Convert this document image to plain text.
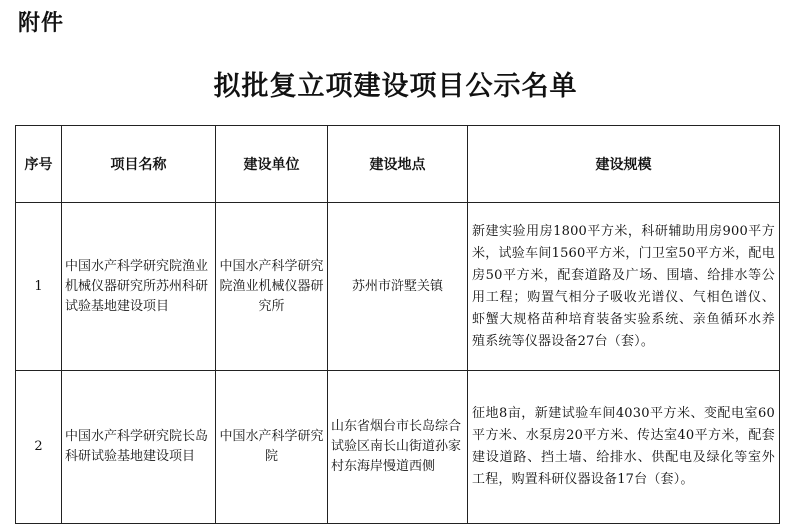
附件
拟批复立项建设项目公示名单
序号	项目名称	建设单位	建设地点	建设规模
1	中国水产科学研究院渔业机械仪器研究所苏州科研试验基地建设项目	中国水产科学研究院渔业机械仪器研究所	苏州市浒墅关镇	新建实验用房1800平方米，科研辅助用房900平方米，试验车间1560平方米，门卫室50平方米，配电房50平方米，配套道路及广场、围墙、给排水等公用工程；购置气相分子吸收光谱仪、气相色谱仪、虾蟹大规格苗种培育装备实验系统、亲鱼循环水养殖系统等仪器设备27台（套）。
2	中国水产科学研究院长岛科研试验基地建设项目	中国水产科学研究院	山东省烟台市长岛综合试验区南长山街道孙家村东海岸慢道西侧	征地8亩，新建试验车间4030平方米、变配电室60平方米、水泵房20平方米、传达室40平方米，配套建设道路、挡土墙、给排水、供配电及绿化等室外工程，购置科研仪器设备17台（套）。
